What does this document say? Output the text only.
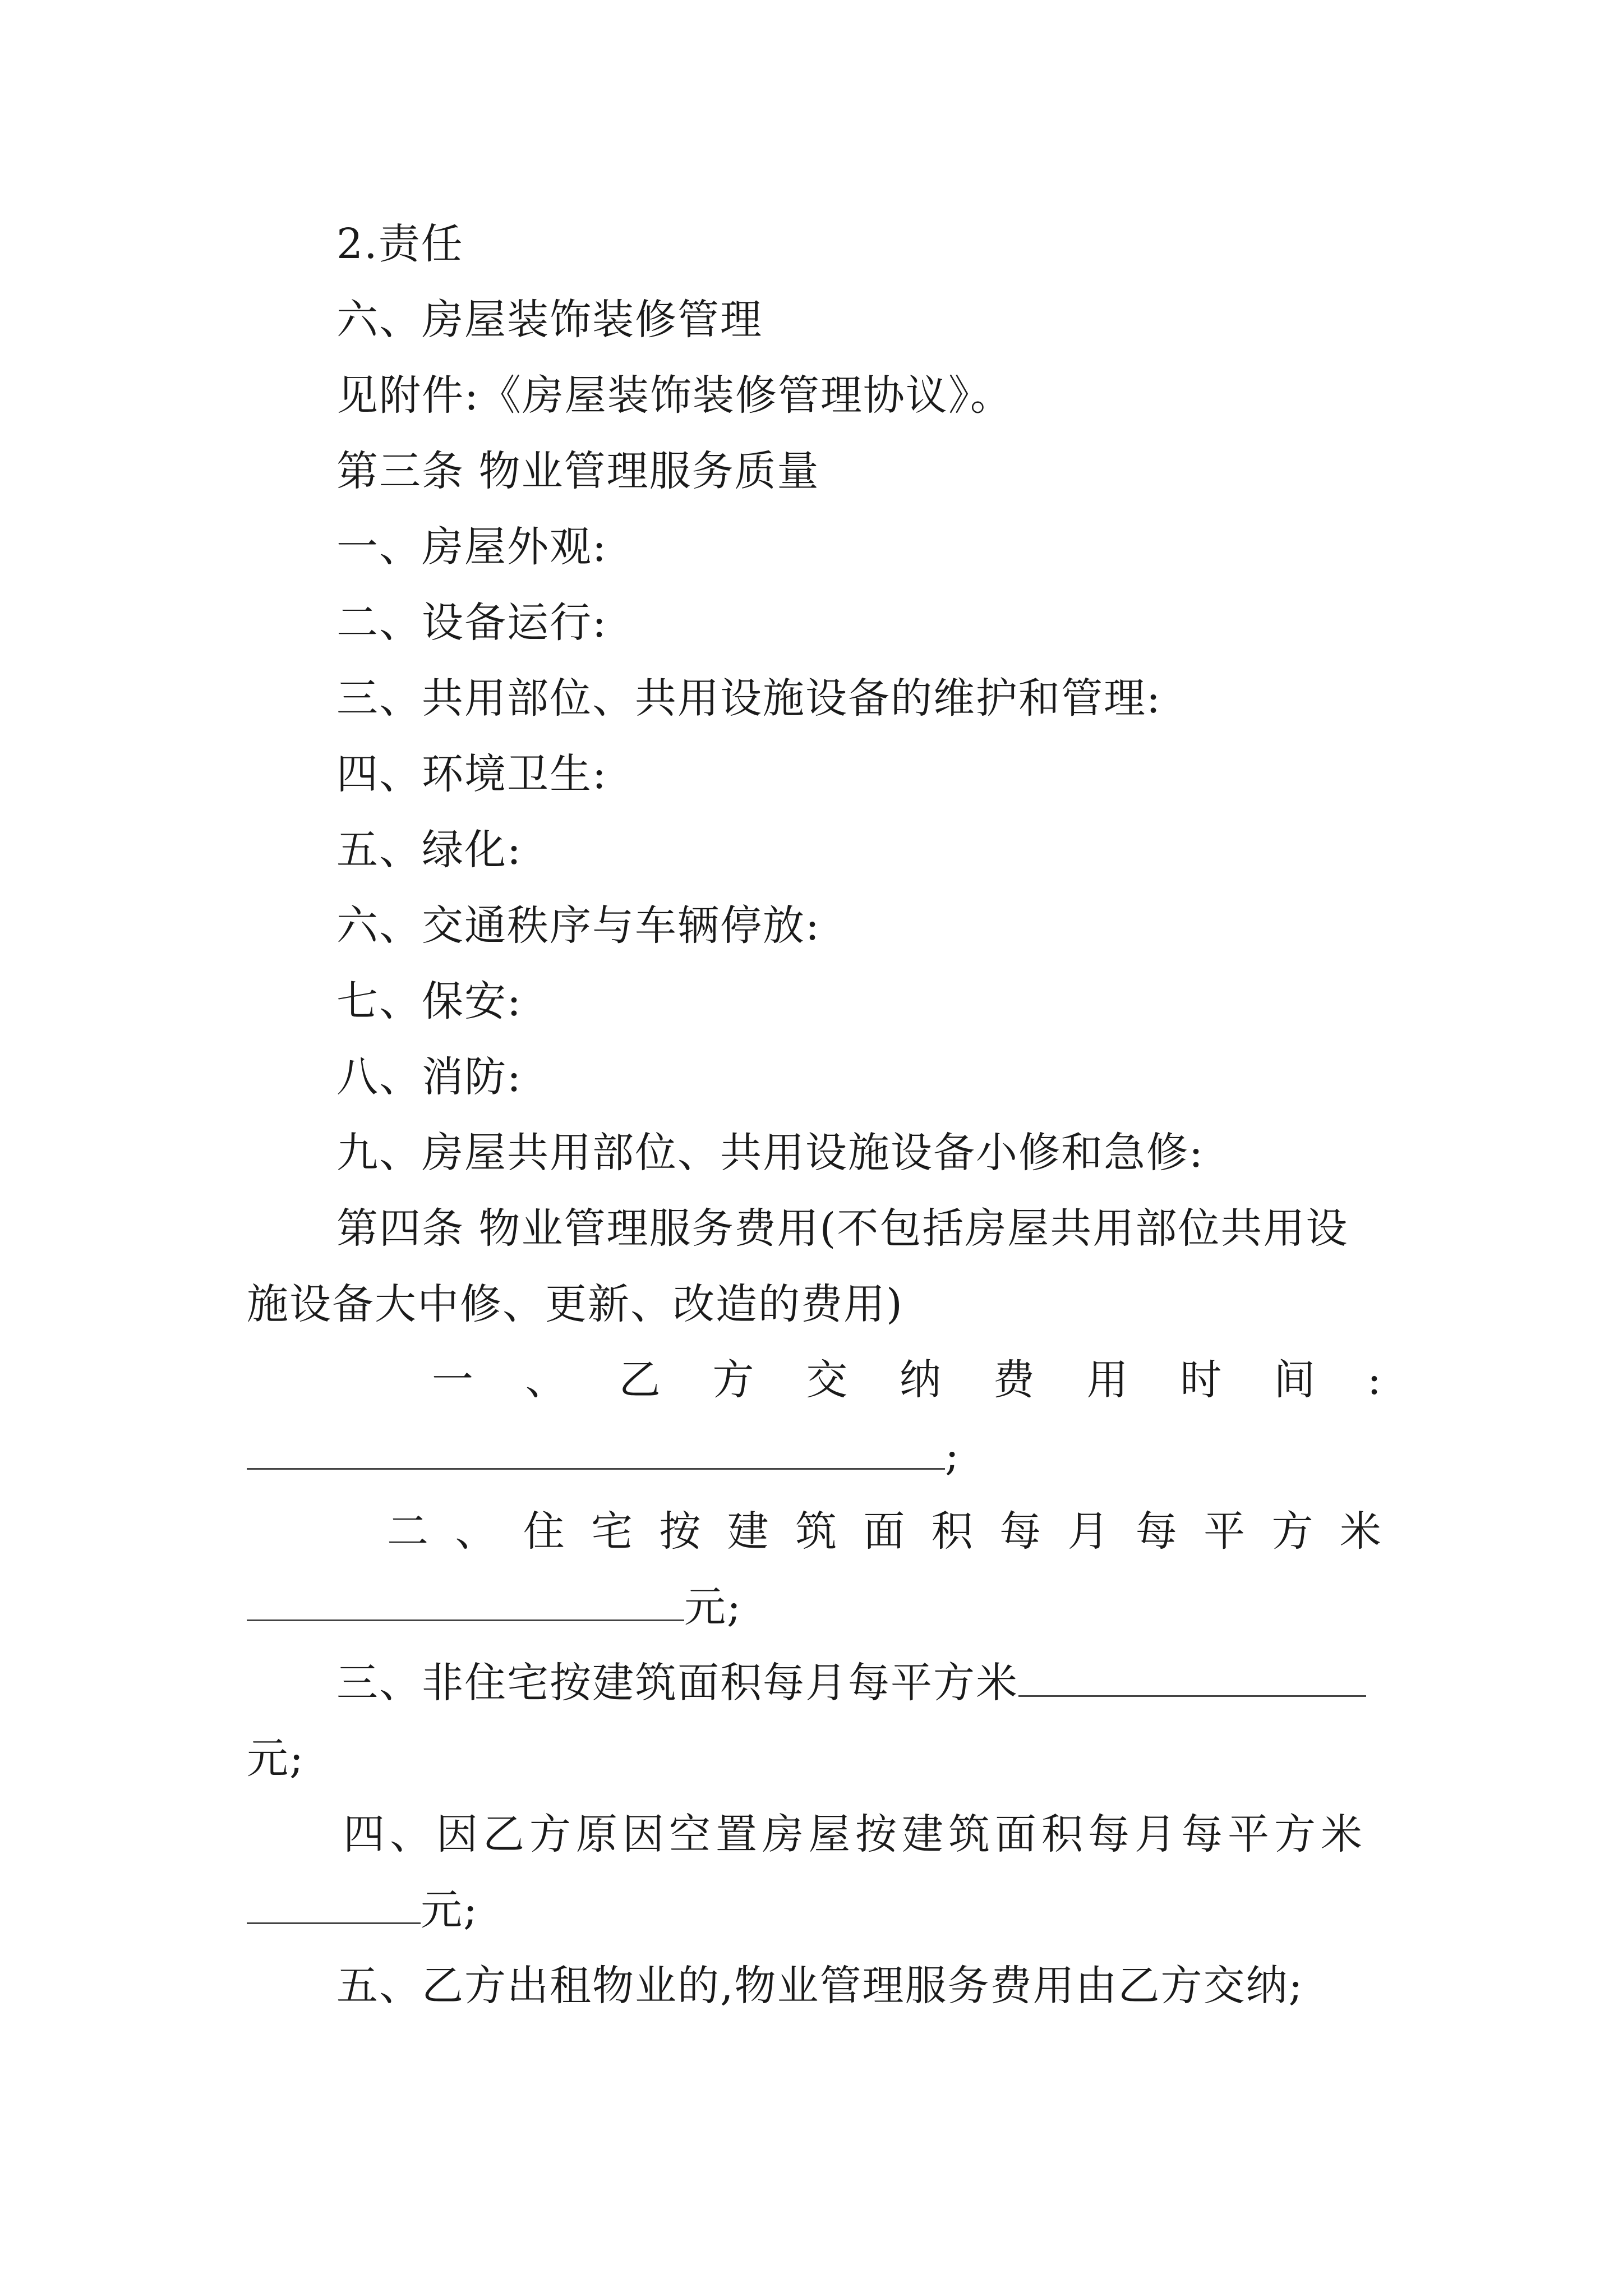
2.责任
六、房屋装饰装修管理
见附件:《房屋装饰装修管理协议》。
第三条 物业管理服务质量
一、房屋外观:
二、设备运行:
三、共用部位、共用设施设备的维护和管理:
四、环境卫生:
五、绿化:
六、交通秩序与车辆停放:
七、保安:
八、消防:
九、房屋共用部位、共用设施设备小修和急修:
第四条 物业管理服务费用(不包括房屋共用部位共用设
施设备大中修、更新、改造的费用)
一 、 乙 方 交 纳 费 用 时 间 :
;
二 、 住 宅 按 建 筑 面 积 每 月 每 平 方 米
元;
三、非住宅按建筑面积每月每平方米
元;
四、因乙方原因空置房屋按建筑面积每月每平方米
元;
五、乙方出租物业的,物业管理服务费用由乙方交纳;
